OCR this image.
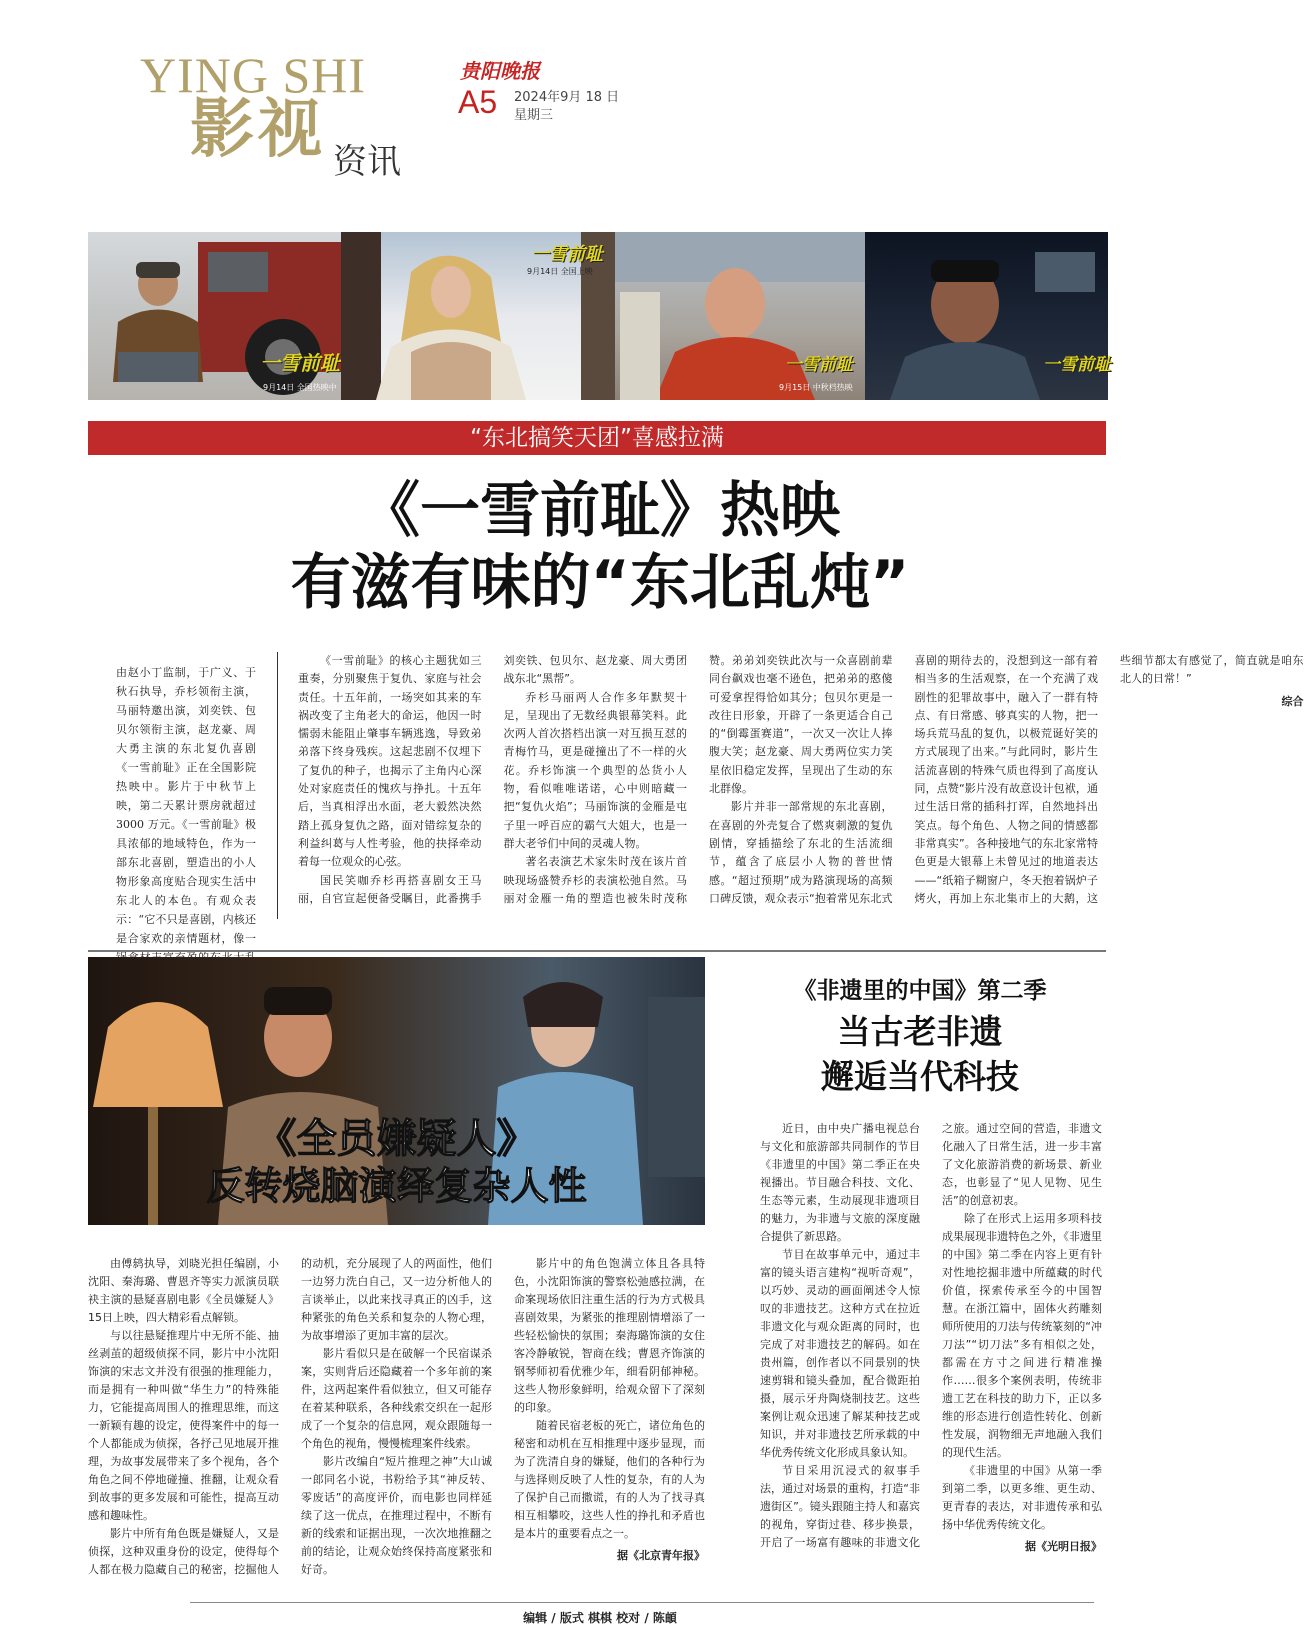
YING SHI
影视 资讯
贵阳晚报
A5 2024年9月 18 日
星期三
一雪前耻
9月14日 全国热映中
一雪前耻
9月14日 全国上映
一雪前耻
9月15日 中秋档热映
一雪前耻
“东北搞笑天团”喜感拉满
《一雪前耻》热映
有滋有味的“东北乱炖”
由赵小丁监制，于广义、于秋石执导，乔杉领衔主演，马丽特邀出演，刘奕铁、包贝尔领衔主演，赵龙豪、周大勇主演的东北复仇喜剧《一雪前耻》正在全国影院热映中。影片于中秋节上映，第二天累计票房就超过 3000 万元。《一雪前耻》极具浓郁的地域特色，作为一部东北喜剧，塑造出的小人物形象高度贴合现实生活中东北人的本色。有观众表示：“它不只是喜剧，内核还是合家欢的亲情题材，像一

《一雪前耻》的核心主题犹如三重奏，分别聚焦于复仇、家庭与社会责任。十五年前，一场突如其来的车祸改变了主角老大的命运，他因一时懦弱未能阻止肇事车辆逃逸，导致弟弟落下终身残疾。这起悲剧不仅埋下了复仇的种子，也揭示了主角内心深处对家庭责任的愧疚与挣扎。十五年后，当真相浮出水面，老大毅然决然踏上孤身复仇之路，面对错综复杂的利益纠葛与人性考验，他的抉择牵动着每一位观众的心弦。

国民笑咖乔杉再搭喜剧女王马丽，自官宣起便备受瞩目，此番携手刘奕铁、包贝尔、赵龙豪、周大勇团战东北“黑帮”。

乔杉马丽两人合作多年默契十足，呈现出了无数经典银幕笑料。此次两人首次搭档出演一对互损互怼的青梅竹马，更是碰撞出了不一样的火花。乔杉饰演一个典型的怂货小人物，看似唯唯诺诺，心中则暗藏一把“复仇火焰”；马丽饰演的金雁是屯子里一呼百应的霸气大姐大，也是一群大老爷们中间的灵魂人物。

著名表演艺术家朱时茂在该片首映现场盛赞乔杉的表演松弛自然。马丽对金雁一角的塑造也被朱时茂称赞。弟弟刘奕铁此次与一众喜剧前辈同台飙戏也毫不逊色，把弟弟的憨傻可爱拿捏得恰如其分；包贝尔更是一改往日形象，开辟了一条更适合自己的“倒霉蛋赛道”，一次又一次让人捧腹大笑；赵龙豪、周大勇两位实力笑星依旧稳定发挥，呈现出了生动的东北群像。

影片并非一部常规的东北喜剧，在喜剧的外壳复合了燃爽刺激的复仇剧情，穿插描绘了东北的生活流细节，蕴含了底层小人物的普世情感。“超过预期”成为路演现场的高频口碑反馈，观众表示“抱着常见东北式喜剧的期待去的，没想到这一部有着相当多的生活观察，在一个充满了戏剧性的犯罪故事中，融入了一群有特点、有日常感、够真实的人物，把一场兵荒马乱的复仇，以极荒诞好笑的方式展现了出来。”与此同时，影片生活流喜剧的特殊气质也得到了高度认同，点赞“影片没有故意设计包袱，通过生活日常的插科打诨，自然地抖出笑点。每个角色、人物之间的情感都非常真实”。各种接地气的东北家常特色更是大银幕上未曾见过的地道表达——“纸箱子糊窗户，冬天抱着锅炉子烤火，再加上东北集市上的大鹅，这些细节都太有感觉了，简直就是咱东北人的日常！”

综合
《全员嫌疑人》
反转烧脑演绎复杂人性

由傅鸫执导，刘晓光担任编剧，小沈阳、秦海璐、曹恩齐等实力派演员联袂主演的悬疑喜剧电影《全员嫌疑人》15日上映，四大精彩看点解锁。

与以往悬疑推理片中无所不能、抽丝剥茧的超级侦探不同，影片中小沈阳饰演的宋志文并没有很强的推理能力，而是拥有一种叫做“华生力”的特殊能力，它能提高周围人的推理思维，而这一新颖有趣的设定，使得案件中的每一个人都能成为侦探，各抒己见地展开推理，为故事发展带来了多个视角，各个角色之间不停地碰撞、推翻，让观众看到故事的更多发展和可能性，提高互动感和趣味性。

影片中所有角色既是嫌疑人，又是侦探，这种双重身份的设定，使得每个人都在极力隐藏自己的秘密，挖掘他人的动机，充分展现了人的两面性，他们一边努力洗白自己，又一边分析他人的言谈举止，以此来找寻真正的凶手，这种紧张的角色关系和复杂的人物心理，为故事增添了更加丰富的层次。

影片看似只是在破解一个民宿谋杀案，实则背后还隐藏着一个多年前的案件，这两起案件看似独立，但又可能存在着某种联系，各种线索交织在一起形成了一个复杂的信息网，观众跟随每一个角色的视角，慢慢梳理案件线索。

影片改编自“短片推理之神”大山诚一郎同名小说，书粉给予其“神反转、零废话”的高度评价，而电影也同样延续了这一优点，在推理过程中，不断有新的线索和证据出现，一次次地推翻之前的结论，让观众始终保持高度紧张和好奇。

影片中的角色饱满立体且各具特色，小沈阳饰演的警察松弛感拉满，在命案现场依旧注重生活的行为方式极具喜剧效果，为紧张的推理剧情增添了一些轻松愉快的氛围；秦海璐饰演的女住客冷静敏锐，智商在线；曹恩齐饰演的钢琴师初看优雅少年，细看阴郁神秘。这些人物形象鲜明，给观众留下了深刻的印象。

随着民宿老板的死亡，诸位角色的秘密和动机在互相推理中逐步显现，而为了洗清自身的嫌疑，他们的各种行为与选择则反映了人性的复杂，有的人为了保护自己而撒谎，有的人为了找寻真相互相攀咬，这些人性的挣扎和矛盾也是本片的重要看点之一。

据《北京青年报》
《非遗里的中国》第二季
当古老非遗
邂逅当代科技

近日，由中央广播电视总台与文化和旅游部共同制作的节目《非遗里的中国》第二季正在央视播出。节目融合科技、文化、生态等元素，生动展现非遗项目的魅力，为非遗与文旅的深度融合提供了新思路。

节目在故事单元中，通过丰富的镜头语言建构“视听奇观”，以巧妙、灵动的画面阐述令人惊叹的非遗技艺。这种方式在拉近非遗文化与观众距离的同时，也完成了对非遗技艺的解码。如在贵州篇，创作者以不同景别的快速剪辑和镜头叠加，配合微距拍摄，展示牙舟陶烧制技艺。这些案例让观众迅速了解某种技艺或知识，并对非遗技艺所承载的中华优秀传统文化形成具象认知。

节目采用沉浸式的叙事手法，通过对场景的重构，打造“非遗街区”。镜头跟随主持人和嘉宾的视角，穿街过巷、移步换景，开启了一场富有趣味的非遗文化之旅。通过空间的营造，非遗文化融入了日常生活，进一步丰富了文化旅游消费的新场景、新业态，也彰显了“见人见物、见生活”的创意初衷。

除了在形式上运用多项科技成果展现非遗特色之外，《非遗里的中国》第二季在内容上更有针对性地挖掘非遗中所蕴藏的时代价值，探索传承至今的中国智慧。在浙江篇中，固体火药雕刻师所使用的刀法与传统篆刻的“冲刀法”“切刀法”多有相似之处，都需在方寸之间进行精准操作……很多个案例表明，传统非遗工艺在科技的助力下，正以多维的形态进行创造性转化、创新性发展，润物细无声地融入我们的现代生活。

《非遗里的中国》从第一季到第二季，以更多维、更生动、更青春的表达，对非遗传承和弘扬中华优秀传统文化。

据《光明日报》
编辑 / 版式 棋棋 校对 / 陈頔
